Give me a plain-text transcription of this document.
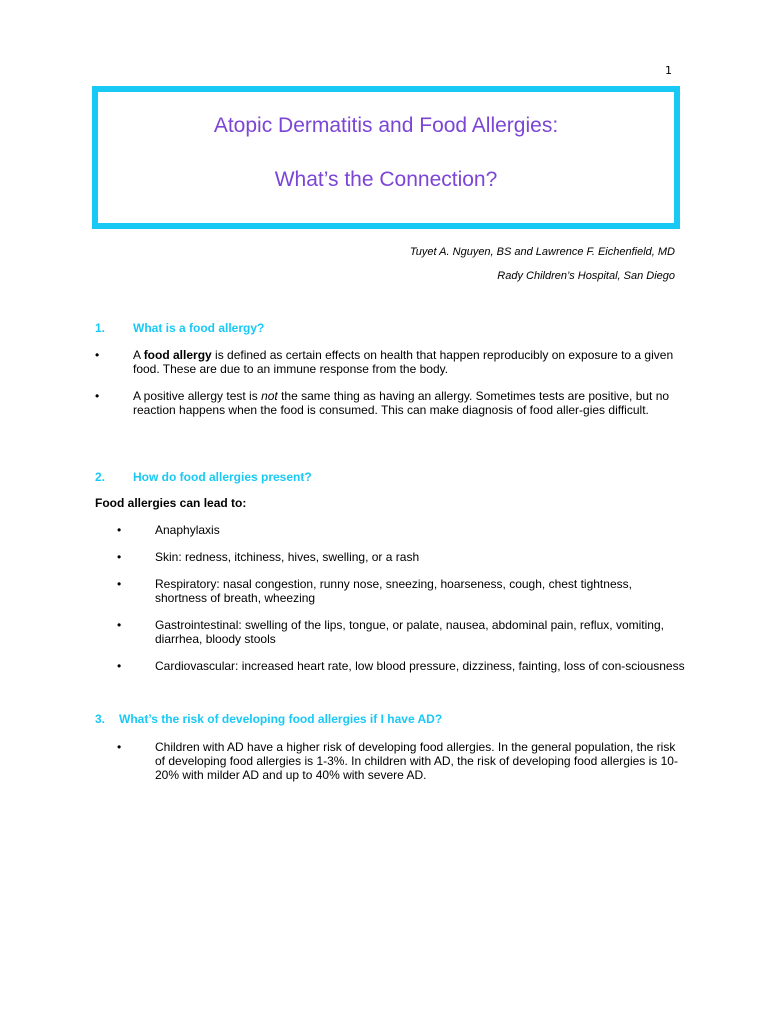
1
Atopic Dermatitis and Food Allergies:
What’s the Connection?
Tuyet A. Nguyen, BS and Lawrence F. Eichenfield, MD
Rady Children’s Hospital, San Diego
1. What is a food allergy?
•	A food allergy is defined as certain effects on health that happen reproducibly on exposure to a given food. These are due to an immune response from the body.
•	A positive allergy test is not the same thing as having an allergy. Sometimes tests are positive, but no reaction happens when the food is consumed. This can make diagnosis of food aller-gies difficult.
2. How do food allergies present?
Food allergies can lead to:
•	Anaphylaxis
•	Skin: redness, itchiness, hives, swelling, or a rash
•	Respiratory: nasal congestion, runny nose, sneezing, hoarseness, cough, chest tightness, shortness of breath, wheezing
•	Gastrointestinal: swelling of the lips, tongue, or palate, nausea, abdominal pain, reflux, vomiting, diarrhea, bloody stools
•	Cardiovascular: increased heart rate, low blood pressure, dizziness, fainting, loss of con-sciousness
3. What’s the risk of developing food allergies if I have AD?
•	Children with AD have a higher risk of developing food allergies. In the general population, the risk of developing food allergies is 1-3%. In children with AD, the risk of developing food allergies is 10-20% with milder AD and up to 40% with severe AD.
